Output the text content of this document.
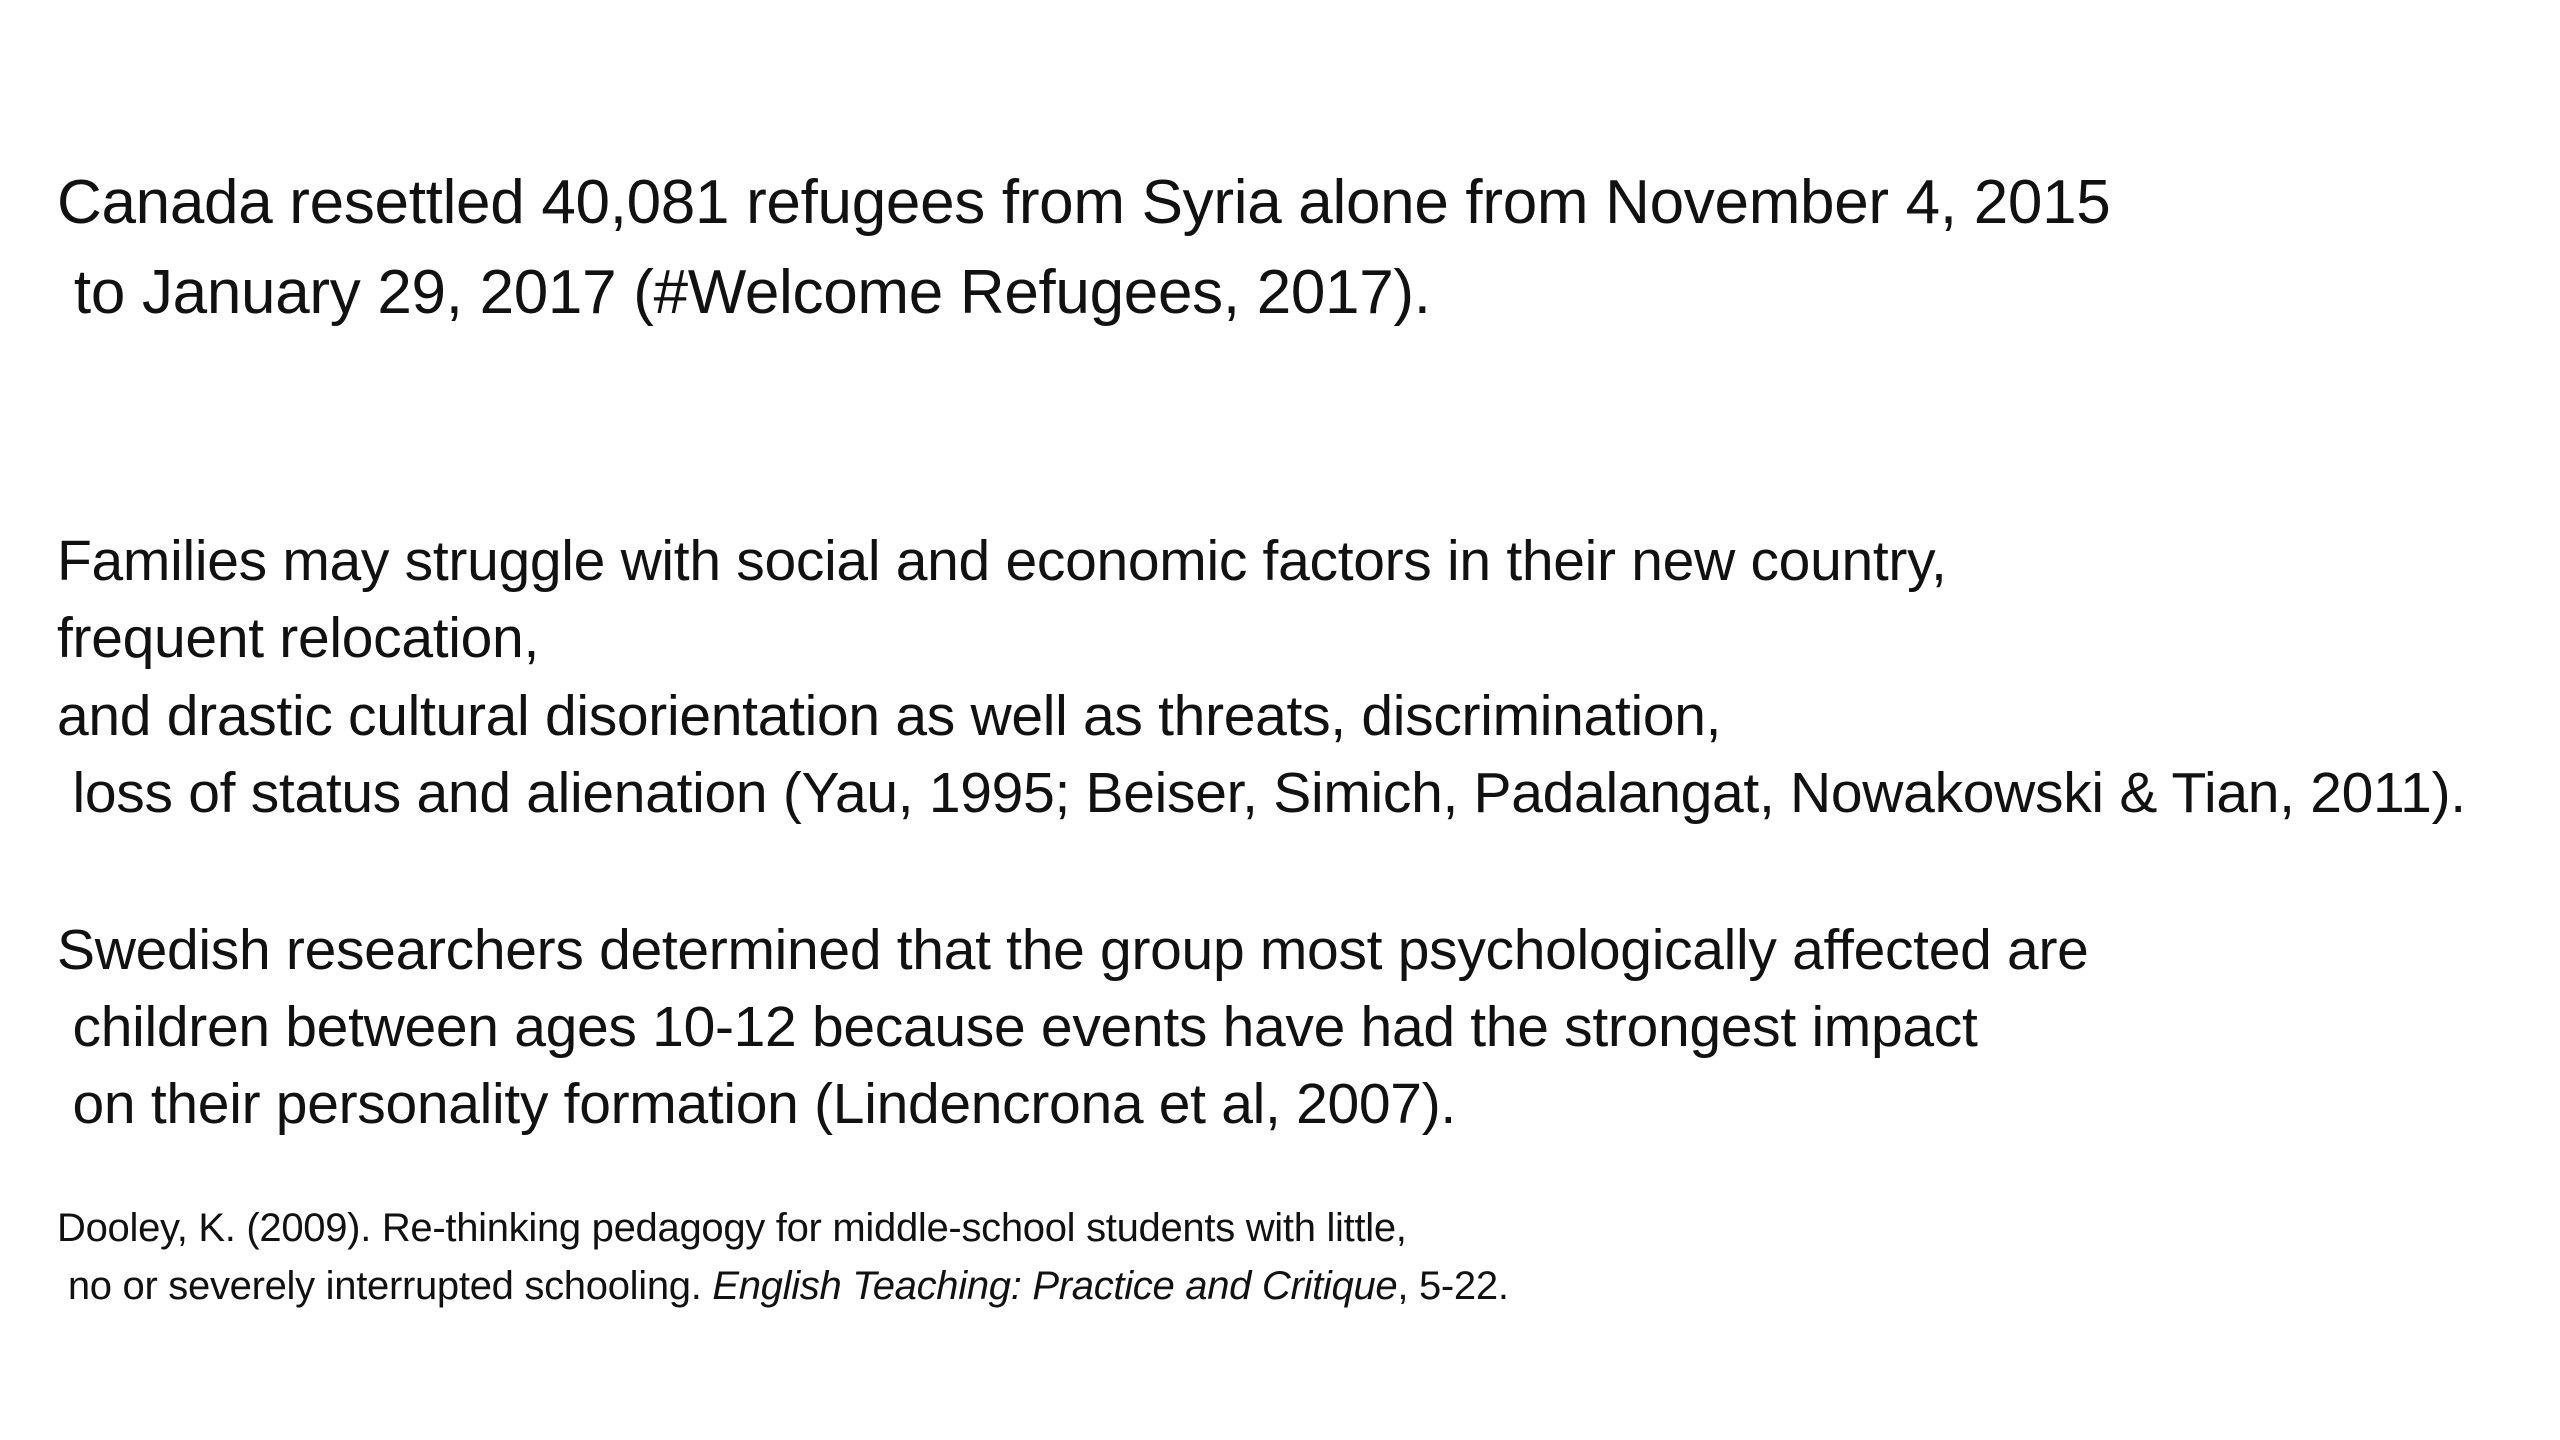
Canada resettled 40,081 refugees from Syria alone from November 4, 2015
to January 29, 2017 (#Welcome Refugees, 2017).
Families may struggle with social and economic factors in their new country,
frequent relocation,
and drastic cultural disorientation as well as threats, discrimination,
loss of status and alienation (Yau, 1995; Beiser, Simich, Padalangat, Nowakowski & Tian, 2011).
Swedish researchers determined that the group most psychologically affected are
children between ages 10-12 because events have had the strongest impact
on their personality formation (Lindencrona et al, 2007).
Dooley, K. (2009). Re-thinking pedagogy for middle-school students with little,
no or severely interrupted schooling. English Teaching: Practice and Critique, 5-22.
